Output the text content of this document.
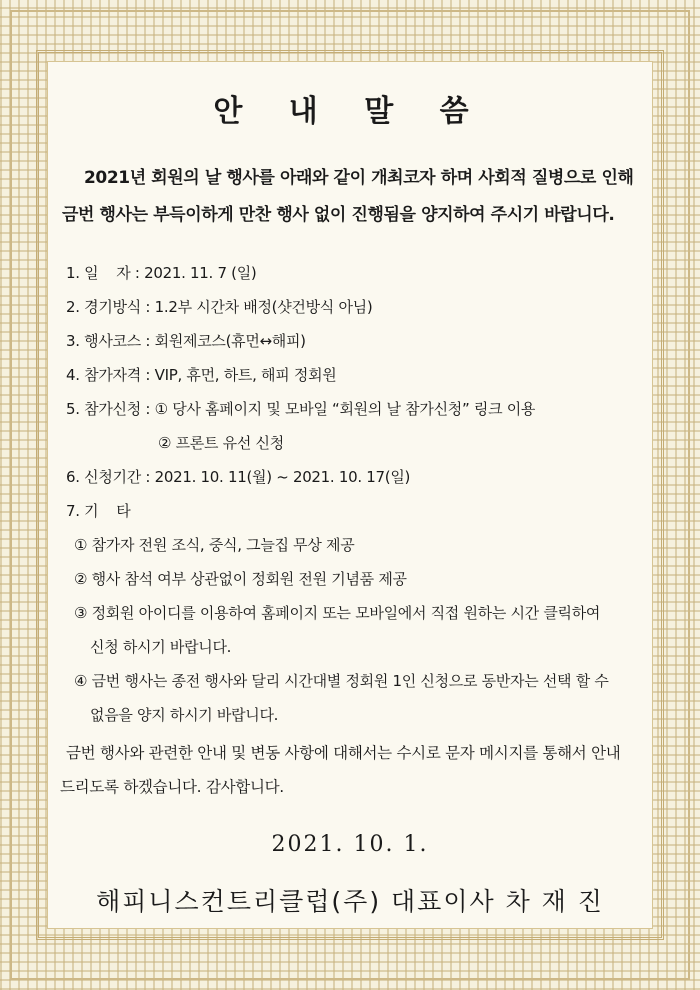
안 내 말 씀
2021년 회원의 날 행사를 아래와 같이 개최코자 하며 사회적 질병으로 인해
금번 행사는 부득이하게 만찬 행사 없이 진행됨을 양지하여 주시기 바랍니다.
1. 일    자 : 2021. 11. 7 (일)
2. 경기방식 : 1.2부 시간차 배정(샷건방식 아님)
3. 행사코스 : 회원제코스(휴먼↔해피)
4. 참가자격 : VIP, 휴먼, 하트, 해피 정회원
5. 참가신청 : ① 당사 홈페이지 및 모바일 “회원의 날 참가신청” 링크 이용
② 프론트 유선 신청
6. 신청기간 : 2021. 10. 11(월) ~ 2021. 10. 17(일)
7. 기    타
① 참가자 전원 조식, 중식, 그늘집 무상 제공
② 행사 참석 여부 상관없이 정회원 전원 기념품 제공
③ 정회원 아이디를 이용하여 홈페이지 또는 모바일에서 직접 원하는 시간 클릭하여
신청 하시기 바랍니다.
④ 금번 행사는 종전 행사와 달리 시간대별 정회원 1인 신청으로 동반자는 선택 할 수
없음을 양지 하시기 바랍니다.
금번 행사와 관련한 안내 및 변동 사항에 대해서는 수시로 문자 메시지를 통해서 안내
드리도록 하겠습니다. 감사합니다.
2021. 10. 1.
해피니스컨트리클럽(주) 대표이사 차 재 진
